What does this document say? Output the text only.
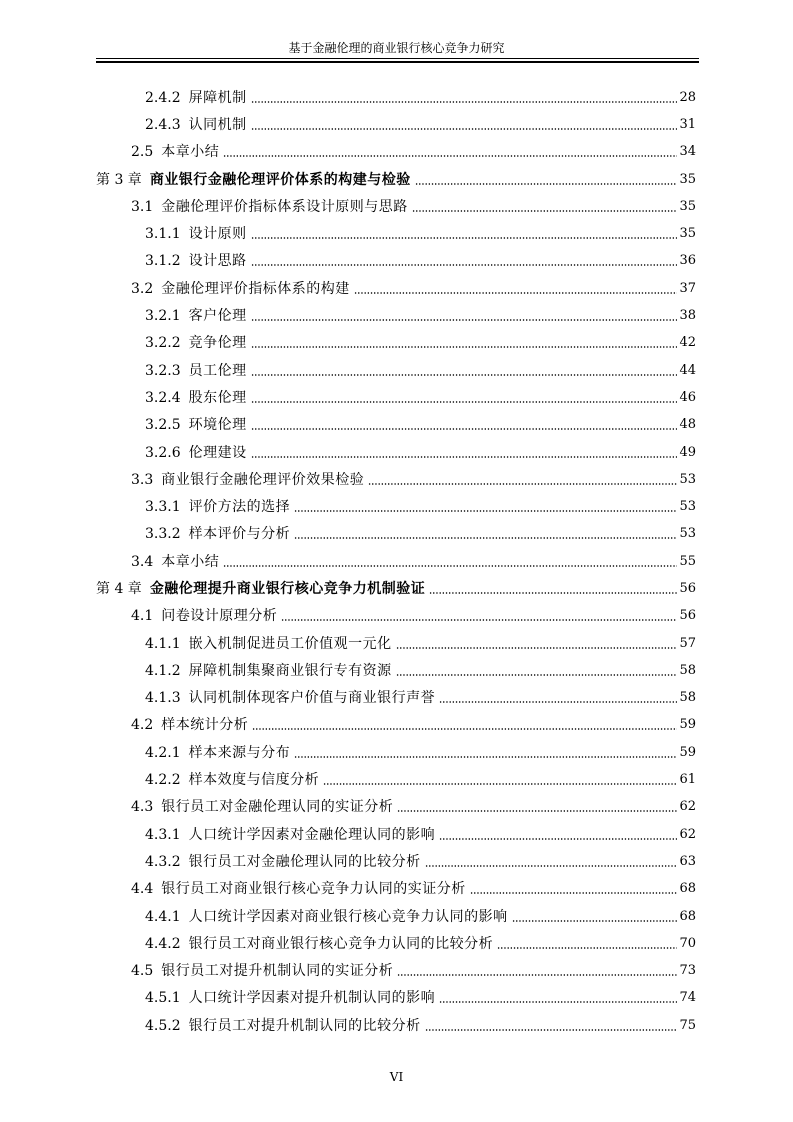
基于金融伦理的商业银行核心竞争力研究
2.4.2 屏障机制	28
2.4.3 认同机制	31
2.5 本章小结	34
第 3 章 商业银行金融伦理评价体系的构建与检验	35
3.1 金融伦理评价指标体系设计原则与思路	35
3.1.1 设计原则	35
3.1.2 设计思路	36
3.2 金融伦理评价指标体系的构建	37
3.2.1 客户伦理	38
3.2.2 竞争伦理	42
3.2.3 员工伦理	44
3.2.4 股东伦理	46
3.2.5 环境伦理	48
3.2.6 伦理建设	49
3.3 商业银行金融伦理评价效果检验	53
3.3.1 评价方法的选择	53
3.3.2 样本评价与分析	53
3.4 本章小结	55
第 4 章 金融伦理提升商业银行核心竞争力机制验证	56
4.1 问卷设计原理分析	56
4.1.1 嵌入机制促进员工价值观一元化	57
4.1.2 屏障机制集聚商业银行专有资源	58
4.1.3 认同机制体现客户价值与商业银行声誉	58
4.2 样本统计分析	59
4.2.1 样本来源与分布	59
4.2.2 样本效度与信度分析	61
4.3 银行员工对金融伦理认同的实证分析	62
4.3.1 人口统计学因素对金融伦理认同的影响	62
4.3.2 银行员工对金融伦理认同的比较分析	63
4.4 银行员工对商业银行核心竞争力认同的实证分析	68
4.4.1 人口统计学因素对商业银行核心竞争力认同的影响	68
4.4.2 银行员工对商业银行核心竞争力认同的比较分析	70
4.5 银行员工对提升机制认同的实证分析	73
4.5.1 人口统计学因素对提升机制认同的影响	74
4.5.2 银行员工对提升机制认同的比较分析	75
VI
